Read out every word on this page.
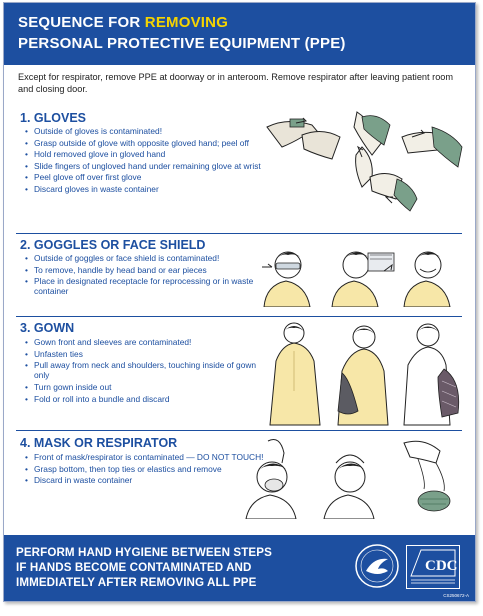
SEQUENCE FOR REMOVING
PERSONAL PROTECTIVE EQUIPMENT (PPE)
Except for respirator, remove PPE at doorway or in anteroom. Remove respirator after leaving patient room and closing door.
1. GLOVES
• Outside of gloves is contaminated!
• Grasp outside of glove with opposite gloved hand; peel off
• Hold removed glove in gloved hand
• Slide fingers of ungloved hand under remaining glove at wrist
• Peel glove off over first glove
• Discard gloves in waste container
2. GOGGLES OR FACE SHIELD
• Outside of goggles or face shield is contaminated!
• To remove, handle by head band or ear pieces
• Place in designated receptacle for reprocessing or in waste container
3. GOWN
• Gown front and sleeves are contaminated!
• Unfasten ties
• Pull away from neck and shoulders, touching inside of gown only
• Turn gown inside out
• Fold or roll into a bundle and discard
4. MASK OR RESPIRATOR
• Front of mask/respirator is contaminated — DO NOT TOUCH!
• Grasp bottom, then top ties or elastics and remove
• Discard in waste container
PERFORM HAND HYGIENE BETWEEN STEPS
IF HANDS BECOME CONTAMINATED AND
IMMEDIATELY AFTER REMOVING ALL PPE
CDC
CS250672-A
